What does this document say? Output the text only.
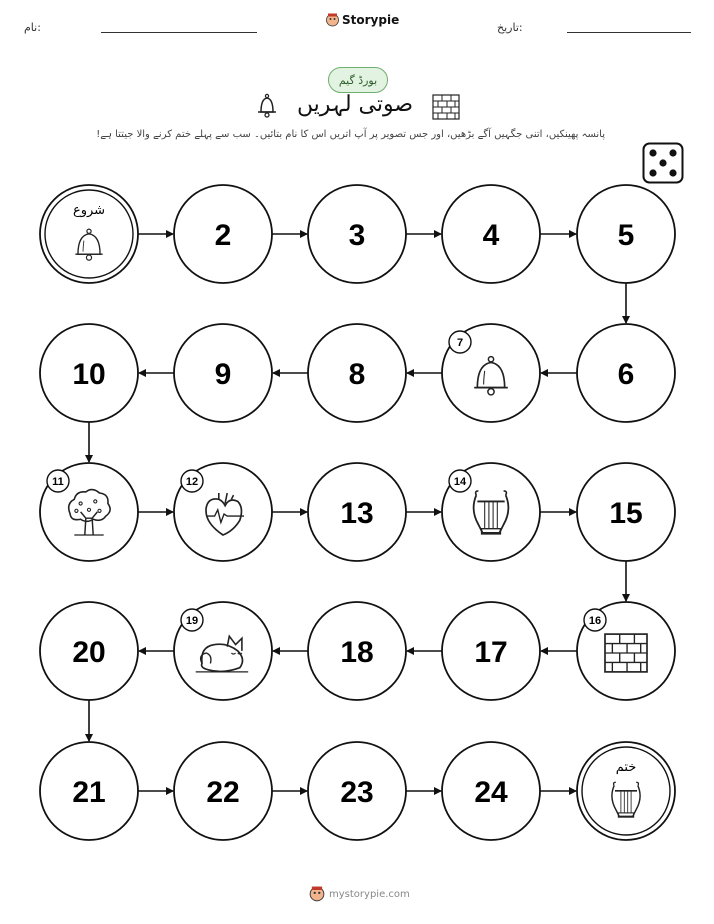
نام:	تاریخ:
Storypie
بورڈ گیم
صوتی لہریں
پانسہ پھینکیں، اتنی جگہیں آگے بڑھیں، اور جس تصویر پر آپ اتریں اس کا نام بتائیں۔ سب سے پہلے ختم کرنے والا جیتتا ہے!
شروع
2	3	4	5
6
7
8
9
10
11	12
13
14
15
16
17
18
19
20
21	22	23	24
ختم
mystorypie.com
